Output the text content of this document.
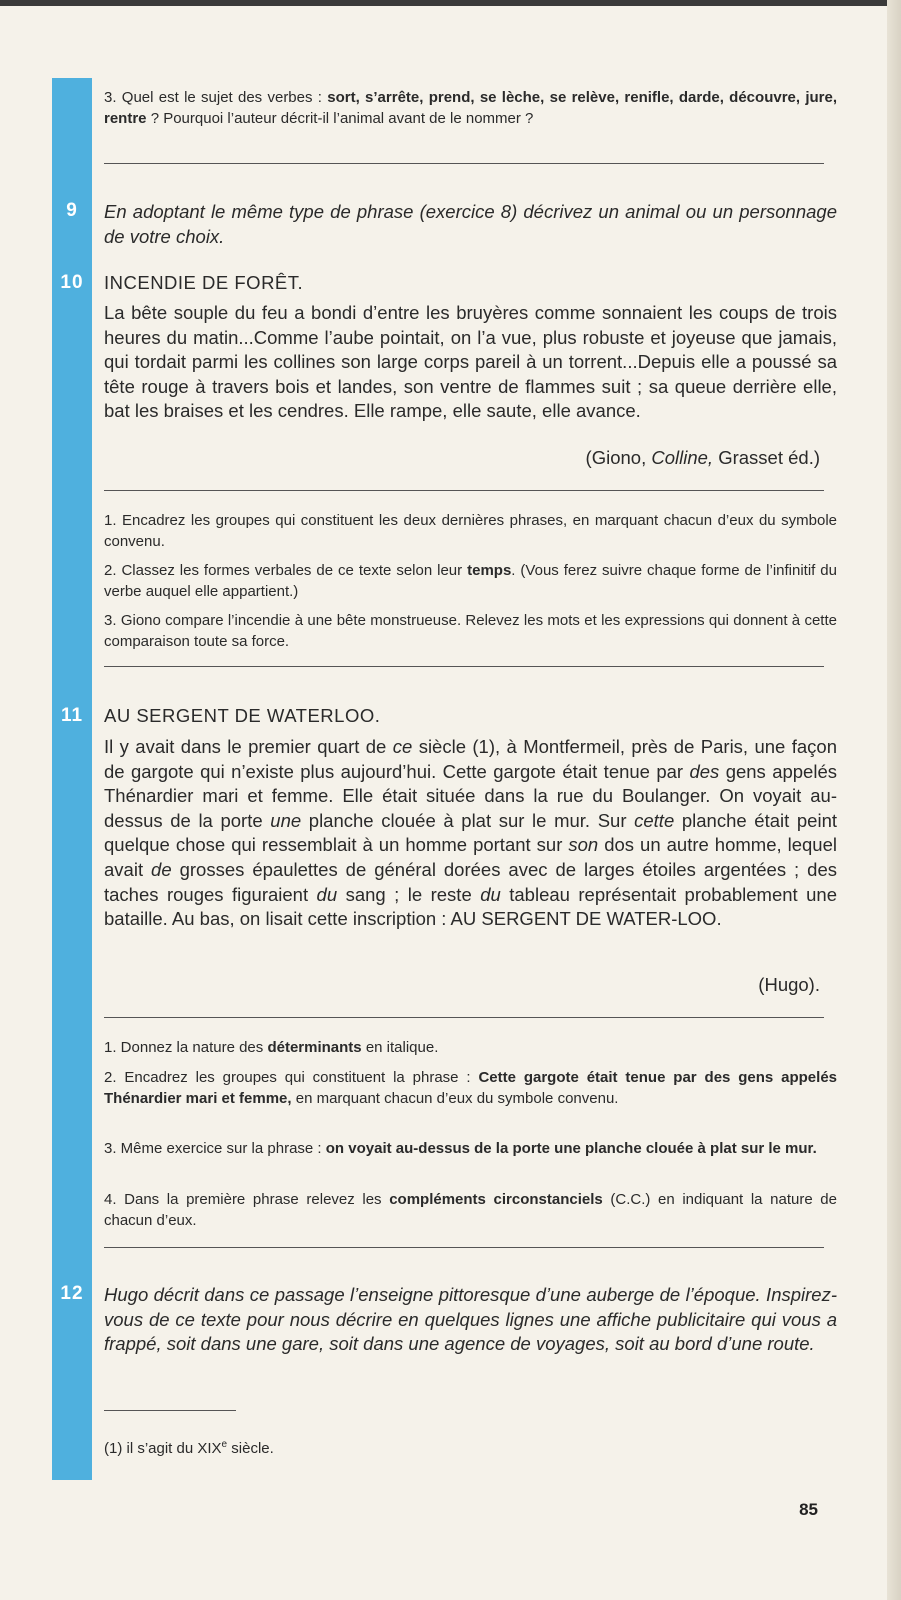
3. Quel est le sujet des verbes : sort, s’arrête, prend, se lèche, se relève, renifle, darde, découvre, jure, rentre ? Pourquoi l’auteur décrit-il l’animal avant de le nommer ?
9	En adoptant le même type de phrase (exercice 8) décrivez un animal ou un personnage de votre choix.
10	INCENDIE DE FORÊT.
La bête souple du feu a bondi d’entre les bruyères comme sonnaient les coups de trois heures du matin...Comme l’aube pointait, on l’a vue, plus robuste et joyeuse que jamais, qui tordait parmi les collines son large corps pareil à un torrent...Depuis elle a poussé sa tête rouge à travers bois et landes, son ventre de flammes suit ; sa queue derrière elle, bat les braises et les cendres. Elle rampe, elle saute, elle avance.
(Giono, Colline, Grasset éd.)
1. Encadrez les groupes qui constituent les deux dernières phrases, en marquant chacun d’eux du symbole convenu.
2. Classez les formes verbales de ce texte selon leur temps. (Vous ferez suivre chaque forme de l’infinitif du verbe auquel elle appartient.)
3. Giono compare l’incendie à une bête monstrueuse. Relevez les mots et les expressions qui donnent à cette comparaison toute sa force.
11	AU SERGENT DE WATERLOO.
Il y avait dans le premier quart de ce siècle (1), à Montfermeil, près de Paris, une façon de gargote qui n’existe plus aujourd’hui. Cette gargote était tenue par des gens appelés Thénardier mari et femme. Elle était située dans la rue du Boulanger. On voyait au-dessus de la porte une planche clouée à plat sur le mur. Sur cette planche était peint quelque chose qui ressemblait à un homme portant sur son dos un autre homme, lequel avait de grosses épaulettes de général dorées avec de larges étoiles argentées ; des taches rouges figuraient du sang ; le reste du tableau représentait probablement une bataille. Au bas, on lisait cette inscription : AU SERGENT DE WATER-LOO.
(Hugo).
1. Donnez la nature des déterminants en italique.
2. Encadrez les groupes qui constituent la phrase : Cette gargote était tenue par des gens appelés Thénardier mari et femme, en marquant chacun d’eux du symbole convenu.
3. Même exercice sur la phrase : on voyait au-dessus de la porte une planche clouée à plat sur le mur.
4. Dans la première phrase relevez les compléments circonstanciels (C.C.) en indiquant la nature de chacun d’eux.
12	Hugo décrit dans ce passage l’enseigne pittoresque d’une auberge de l’époque. Inspirez-vous de ce texte pour nous décrire en quelques lignes une affiche publicitaire qui vous a frappé, soit dans une gare, soit dans une agence de voyages, soit au bord d’une route.
(1) il s’agit du XIXe siècle.
85
